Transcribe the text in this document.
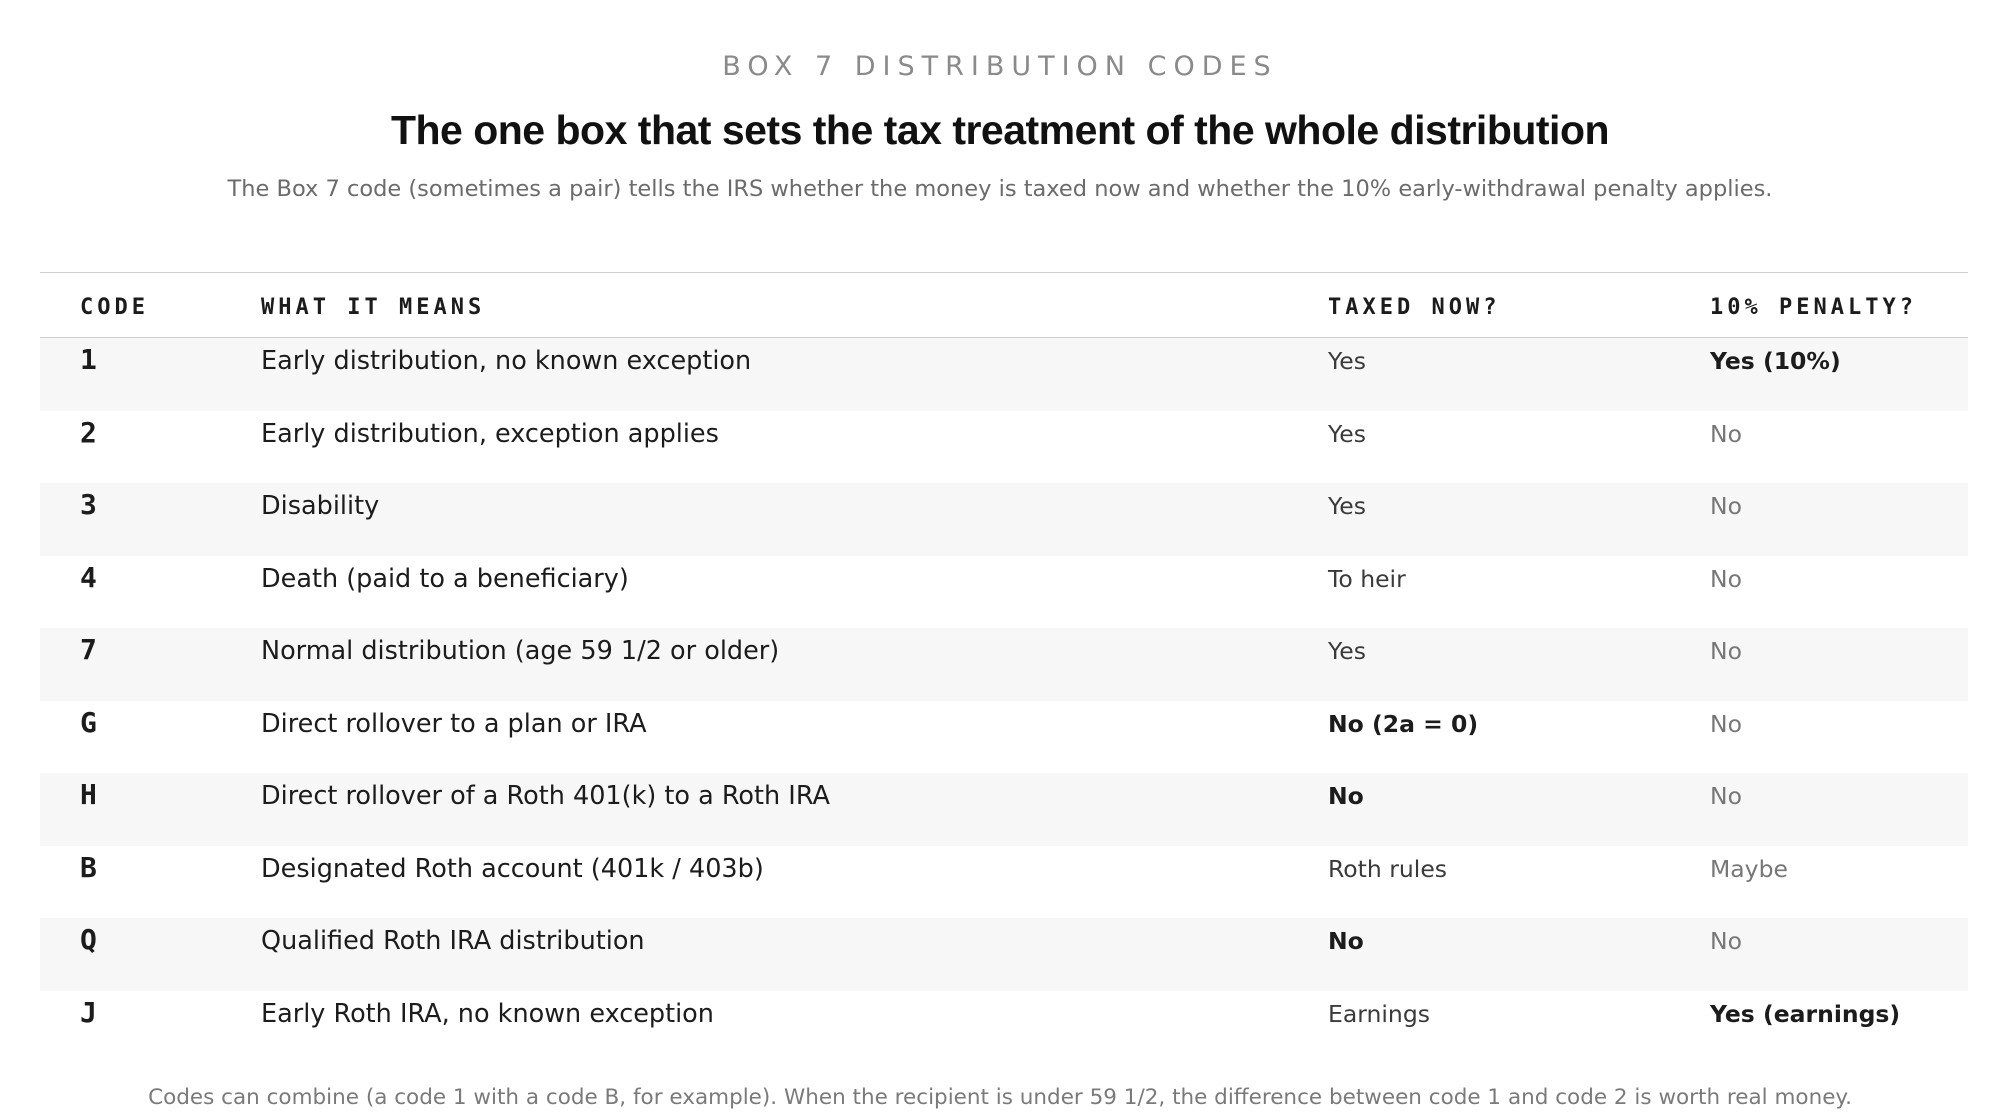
BOX 7 DISTRIBUTION CODES
The one box that sets the tax treatment of the whole distribution
The Box 7 code (sometimes a pair) tells the IRS whether the money is taxed now and whether the 10% early-withdrawal penalty applies.
CODE	WHAT IT MEANS	TAXED NOW?	10% PENALTY?
1	Early distribution, no known exception	Yes	Yes (10%)
2	Early distribution, exception applies	Yes	No
3	Disability	Yes	No
4	Death (paid to a beneficiary)	To heir	No
7	Normal distribution (age 59 1/2 or older)	Yes	No
G	Direct rollover to a plan or IRA	No (2a = 0)	No
H	Direct rollover of a Roth 401(k) to a Roth IRA	No	No
B	Designated Roth account (401k / 403b)	Roth rules	Maybe
Q	Qualified Roth IRA distribution	No	No
J	Early Roth IRA, no known exception	Earnings	Yes (earnings)
Codes can combine (a code 1 with a code B, for example). When the recipient is under 59 1/2, the difference between code 1 and code 2 is worth real money.
